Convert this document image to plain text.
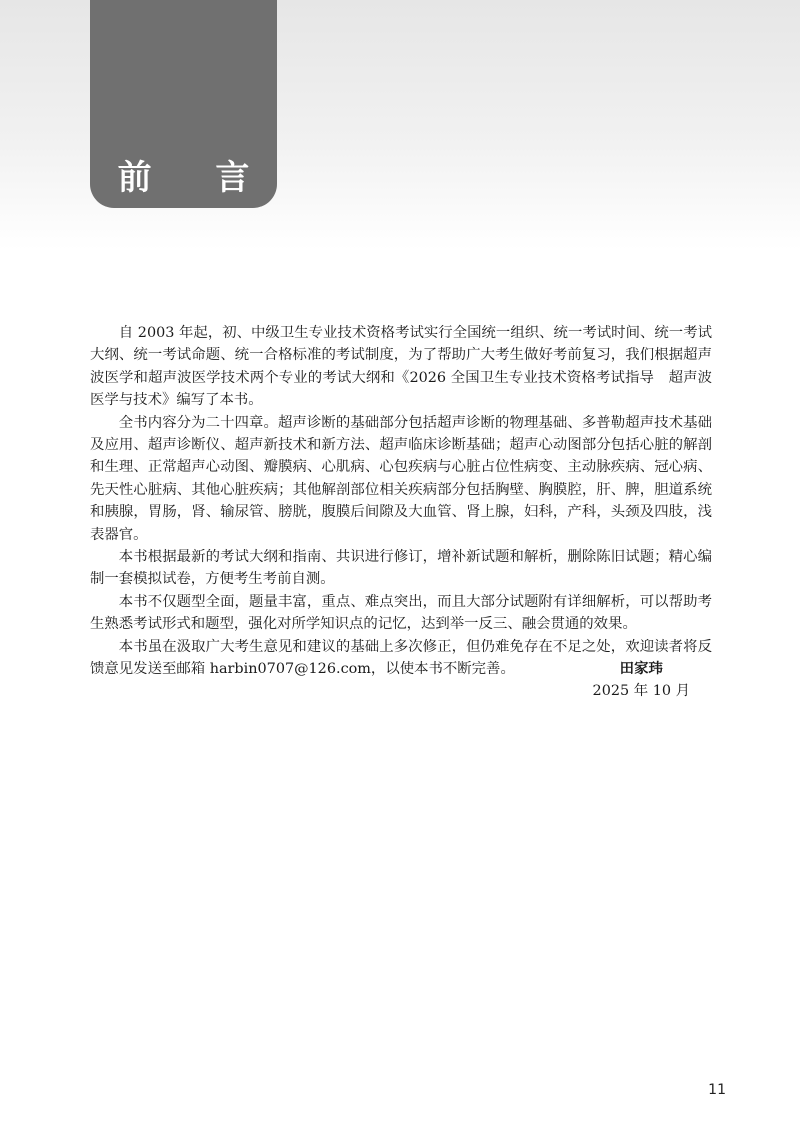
前 言

自 2003 年起，初、中级卫生专业技术资格考试实行全国统一组织、统一考试时间、统一考试大纲、统一考试命题、统一合格标准的考试制度，为了帮助广大考生做好考前复习，我们根据超声波医学和超声波医学技术两个专业的考试大纲和《2026 全国卫生专业技术资格考试指导　超声波医学与技术》编写了本书。

全书内容分为二十四章。超声诊断的基础部分包括超声诊断的物理基础、多普勒超声技术基础及应用、超声诊断仪、超声新技术和新方法、超声临床诊断基础；超声心动图部分包括心脏的解剖和生理、正常超声心动图、瓣膜病、心肌病、心包疾病与心脏占位性病变、主动脉疾病、冠心病、先天性心脏病、其他心脏疾病；其他解剖部位相关疾病部分包括胸壁、胸膜腔，肝、脾，胆道系统和胰腺，胃肠，肾、输尿管、膀胱，腹膜后间隙及大血管、肾上腺，妇科，产科，头颈及四肢，浅表器官。

本书根据最新的考试大纲和指南、共识进行修订，增补新试题和解析，删除陈旧试题；精心编制一套模拟试卷，方便考生考前自测。

本书不仅题型全面，题量丰富，重点、难点突出，而且大部分试题附有详细解析，可以帮助考生熟悉考试形式和题型，强化对所学知识点的记忆，达到举一反三、融会贯通的效果。

本书虽在汲取广大考生意见和建议的基础上多次修正，但仍难免存在不足之处，欢迎读者将反馈意见发送至邮箱 harbin0707@126.com，以使本书不断完善。	田家玮
2025 年 10 月
11
